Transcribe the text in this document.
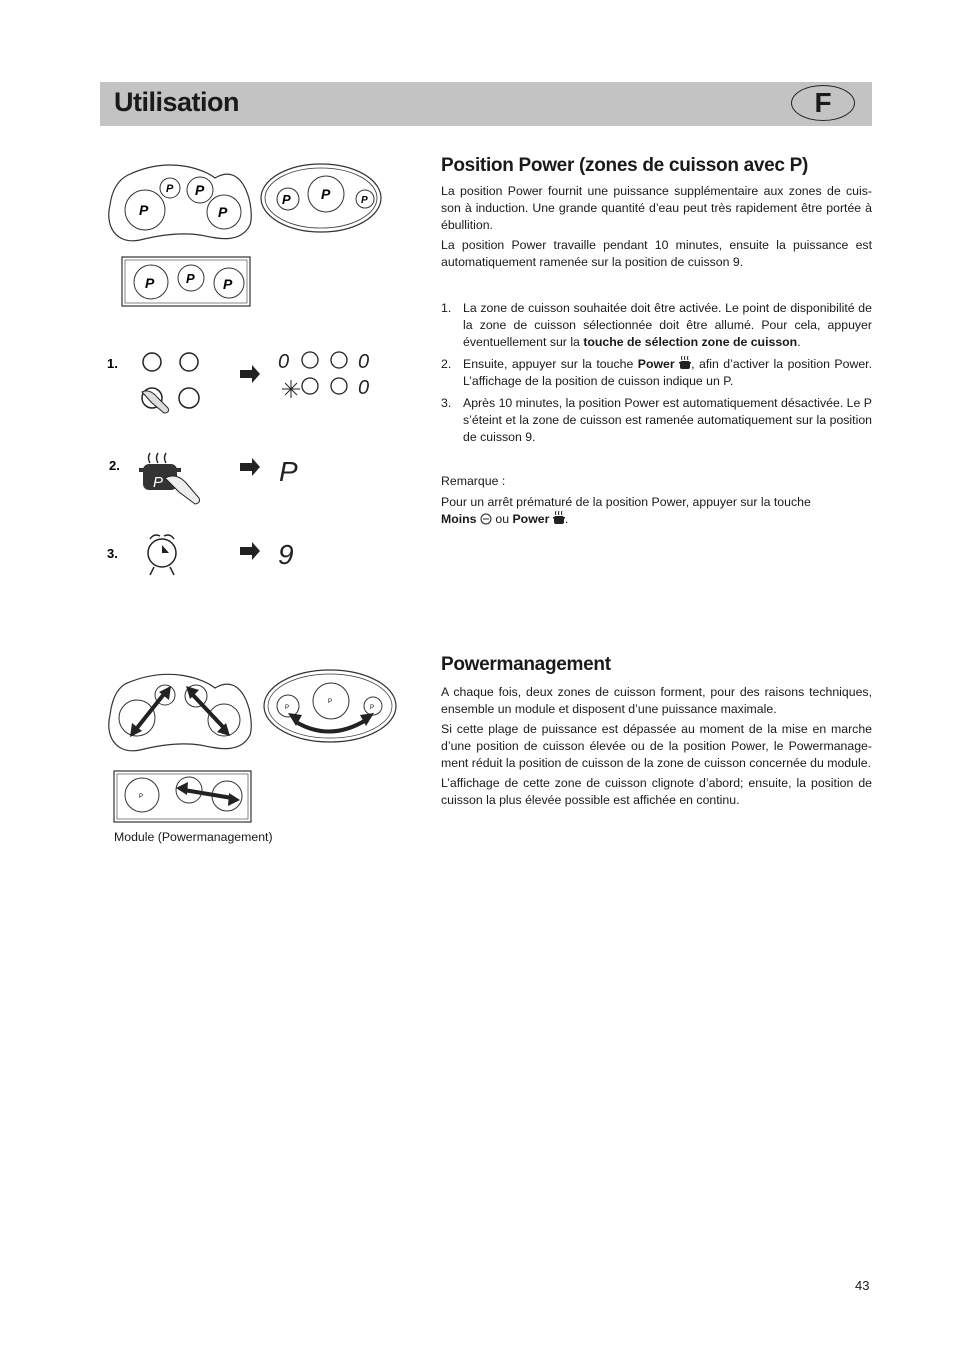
Utilisation	F
Position Power (zones de cuisson avec P)

La position Power fournit une puissance supplémentaire aux zones de cuis-son à induction. Une grande quantité d’eau peut très rapidement être portée à ébullition.

La position Power travaille pendant 10 minutes, ensuite la puissance est automatiquement ramenée sur la position de cuisson 9.

1. La zone de cuisson souhaitée doit être activée. Le point de disponibilité de la zone de cuisson sélectionnée doit être allumé. Pour cela, appuyer éventuellement sur la touche de sélection zone de cuisson.
2. Ensuite, appuyer sur la touche Power , afin d’activer la position Power. L’affichage de la position de cuisson indique un P.
3. Après 10 minutes, la position Power est automatiquement désactivée. Le P s’éteint et la zone de cuisson est ramenée automatiquement sur la position de cuisson 9.

Remarque :

Pour un arrêt prématuré de la position Power, appuyer sur la touche

Moins ou Power .

P P
P	P
P P	P
P P P
1.	0	0
0
2.
P	P
3.	9
P
P
P
P
Powermanagement

A chaque fois, deux zones de cuisson forment, pour des raisons techniques, ensemble un module et disposent d’une puissance maximale.

Si cette plage de puissance est dépassée au moment de la mise en marche d’une position de cuisson élevée ou de la position Power, le Powermanage-ment réduit la position de cuisson de la zone de cuisson concernée du module.

L’affichage de cette zone de cuisson clignote d’abord; ensuite, la position de cuisson la plus élevée possible est affichée en continu.

Module (Powermanagement)
43
